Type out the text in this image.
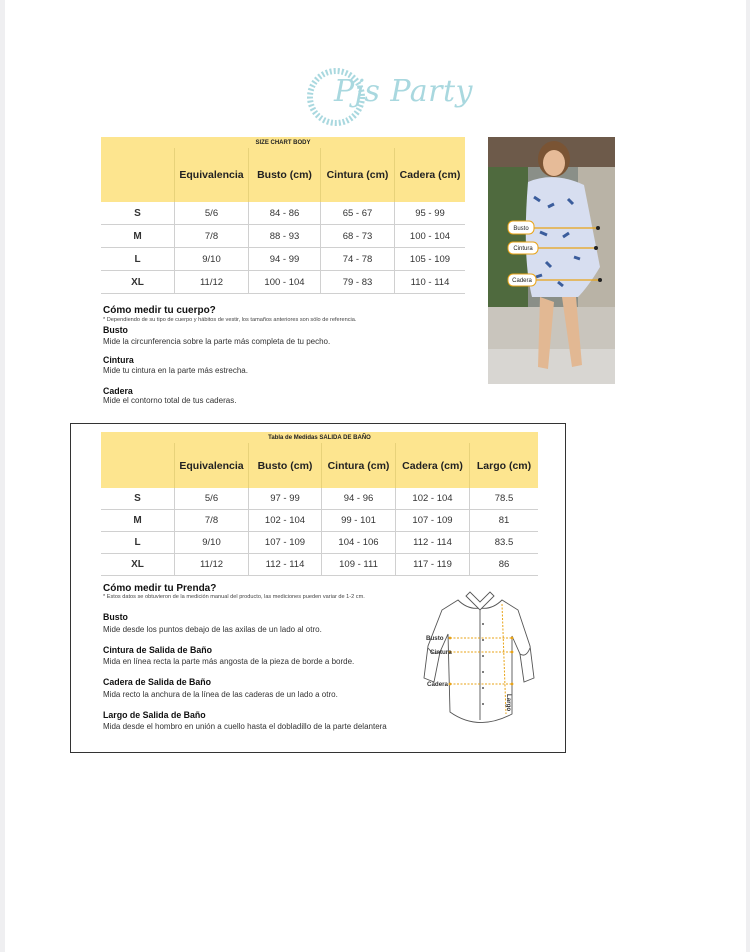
Pjs Party
SIZE CHART BODY				
	Equivalencia	Busto (cm)	Cintura (cm)	Cadera (cm)
S	5/6	84 - 86	65 - 67	95 - 99
M	7/8	88 - 93	68 - 73	100 - 104
L	9/10	94 - 99	74 - 78	105 - 109
XL	11/12	100 - 104	79 - 83	110 - 114
Busto
Cintura
Cadera
Cómo medir tu cuerpo?
* Dependiendo de su tipo de cuerpo y hábitos de vestir, los tamaños anteriores son sólo de referencia.
Busto
Mide la circunferencia sobre la parte más completa de tu pecho.
Cintura
Mide tu cintura en la parte más estrecha.
Cadera
Mide el contorno total de tus caderas.
Tabla de Medidas SALIDA DE BAÑO					
	Equivalencia	Busto (cm)	Cintura (cm)	Cadera (cm)	Largo (cm)
S	5/6	97 - 99	94 - 96	102 - 104	78.5
M	7/8	102 - 104	99 - 101	107 - 109	81
L	9/10	107 - 109	104 - 106	112 - 114	83.5
XL	11/12	112 - 114	109 - 111	117 - 119	86
Cómo medir tu Prenda?
* Estos datos se obtuvieron de la medición manual del producto, las mediciones pueden variar de 1-2 cm.
Busto
Mide desde los puntos debajo de las axilas de un lado al otro.
Cintura de Salida de Baño
Mida en línea recta la parte más angosta de la pieza de borde a borde.
Cadera de Salida de Baño
Mida recto la anchura de la línea de las caderas de un lado a otro.
Largo de Salida de Baño
Mida desde el hombro en unión a cuello hasta el dobladillo de la parte delantera
Busto
Cintura
Cadera
Largo
